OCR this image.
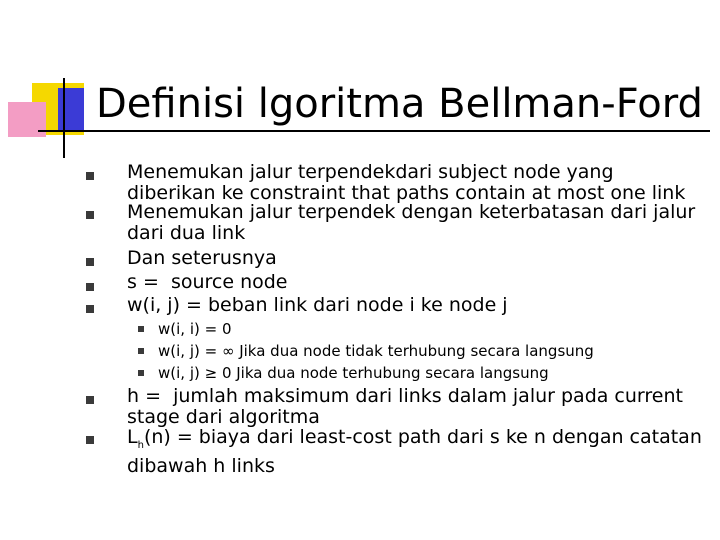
Definisi lgoritma Bellman-Ford
Menemukan jalur terpendekdari subject node yang diberikan ke constraint that paths contain at most one link
Menemukan jalur terpendek dengan keterbatasan dari jalur dari dua link
Dan seterusnya
s =  source node
w(i, j) = beban link dari node i ke node j
w(i, i) = 0
w(i, j) = ∞ Jika dua node tidak terhubung secara langsung
w(i, j) ≥ 0 Jika dua node terhubung secara langsung
h =  jumlah maksimum dari links dalam jalur pada current stage dari algoritma
$L_h(n)$ = biaya dari least-cost path dari s ke n dengan catatan dibawah h links
